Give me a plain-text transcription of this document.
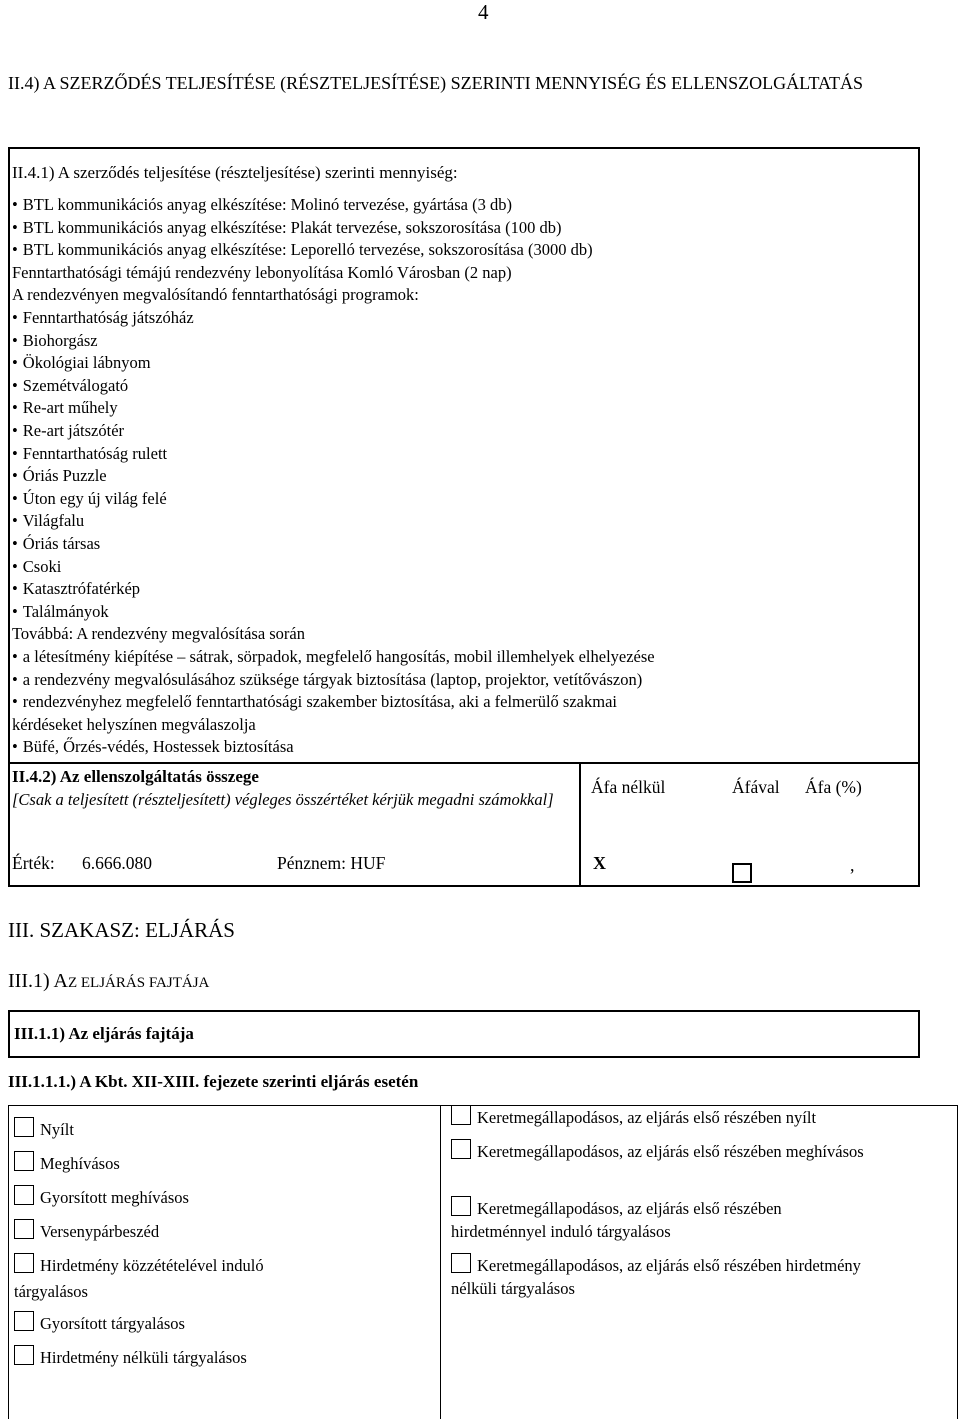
4
II.4) A SZERZŐDÉS TELJESÍTÉSE (RÉSZTELJESÍTÉSE) SZERINTI MENNYISÉG ÉS ELLENSZOLGÁLTATÁS
II.4.1) A szerződés teljesítése (részteljesítése) szerinti mennyiség:
• BTL kommunikációs anyag elkészítése: Molinó tervezése, gyártása (3 db)
• BTL kommunikációs anyag elkészítése: Plakát tervezése, sokszorosítása (100 db)
• BTL kommunikációs anyag elkészítése: Leporelló tervezése, sokszorosítása (3000 db)
Fenntarthatósági témájú rendezvény lebonyolítása Komló Városban (2 nap)
A rendezvényen megvalósítandó fenntarthatósági programok:
• Fenntarthatóság játszóház
• Biohorgász
• Ökológiai lábnyom
• Szemétválogató
• Re-art műhely
• Re-art játszótér
• Fenntarthatóság rulett
• Óriás Puzzle
• Úton egy új világ felé
• Világfalu
• Óriás társas
• Csoki
• Katasztrófatérkép
• Találmányok
Továbbá: A rendezvény megvalósítása során
• a létesítmény kiépítése – sátrak, sörpadok, megfelelő hangosítás, mobil illemhelyek elhelyezése
• a rendezvény megvalósulásához szüksége tárgyak biztosítása (laptop, projektor, vetítővászon)
• rendezvényhez megfelelő fenntarthatósági szakember biztosítása, aki a felmerülő szakmai
kérdéseket helyszínen megválaszolja
• Büfé, Őrzés-védés, Hostessek biztosítása
II.4.2) Az ellenszolgáltatás összege
[Csak a teljesített (részteljesített) végleges összértéket kérjük megadni számokkal]
Áfa nélkül	Áfával Áfa (%)
Érték: 6.666.080	Pénznem: HUF	X	,
III. SZAKASZ: ELJÁRÁS
III.1) AZ ELJÁRÁS FAJTÁJA
III.1.1) Az eljárás fajtája
III.1.1.1.) A Kbt. XII-XIII. fejezete szerinti eljárás esetén
Nyílt
Meghívásos
Gyorsított meghívásos
Versenypárbeszéd
Hirdetmény közzétételével induló tárgyalásos
Gyorsított tárgyalásos
Hirdetmény nélküli tárgyalásos
Keretmegállapodásos, az eljárás első részében nyílt
Keretmegállapodásos, az eljárás első részében meghívásos
Keretmegállapodásos, az eljárás első részében hirdetménnyel induló tárgyalásos
Keretmegállapodásos, az eljárás első részében hirdetmény nélküli tárgyalásos
